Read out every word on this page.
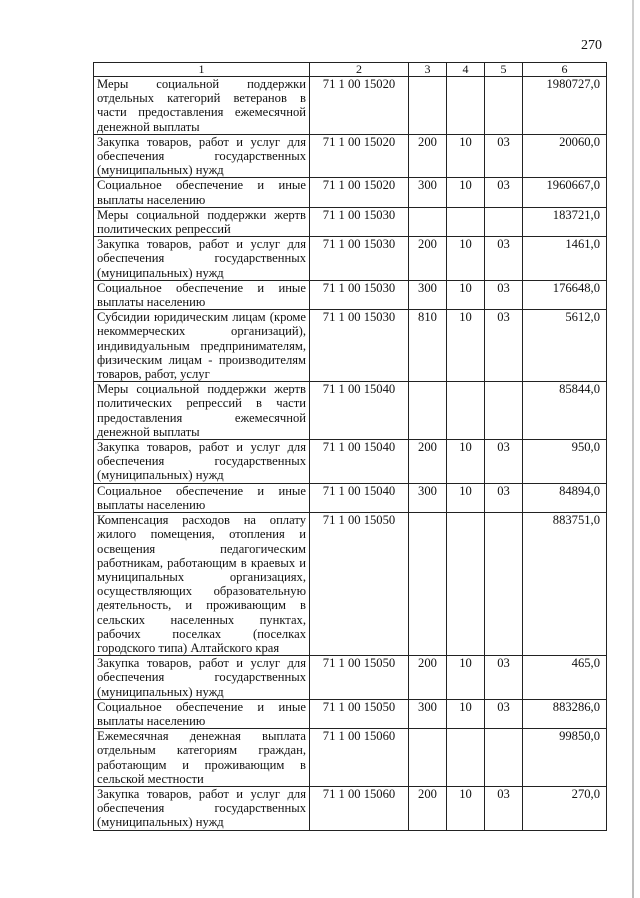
270
1	2	3	4	5	6
Меры социальной поддержки отдельных категорий ветеранов в части предоставления ежемесячной денежной выплаты	71 1 00 15020				1980727,0
Закупка товаров, работ и услуг для обеспечения государственных (муниципальных) нужд	71 1 00 15020	200	10	03	20060,0
Социальное обеспечение и иные выплаты населению	71 1 00 15020	300	10	03	1960667,0
Меры социальной поддержки жертв политических репрессий	71 1 00 15030				183721,0
Закупка товаров, работ и услуг для обеспечения государственных (муниципальных) нужд	71 1 00 15030	200	10	03	1461,0
Социальное обеспечение и иные выплаты населению	71 1 00 15030	300	10	03	176648,0
Субсидии юридическим лицам (кроме некоммерческих организаций), индивидуальным предпринимателям, физическим лицам - производителям товаров, работ, услуг	71 1 00 15030	810	10	03	5612,0
Меры социальной поддержки жертв политических репрессий в части предоставления ежемесячной денежной выплаты	71 1 00 15040				85844,0
Закупка товаров, работ и услуг для обеспечения государственных (муниципальных) нужд	71 1 00 15040	200	10	03	950,0
Социальное обеспечение и иные выплаты населению	71 1 00 15040	300	10	03	84894,0
Компенсация расходов на оплату жилого помещения, отопления и освещения педагогическим работникам, работающим в краевых и муниципальных организациях, осуществляющих образовательную деятельность, и проживающим в сельских населенных пунктах, рабочих поселках (поселках городского типа) Алтайского края	71 1 00 15050				883751,0
Закупка товаров, работ и услуг для обеспечения государственных (муниципальных) нужд	71 1 00 15050	200	10	03	465,0
Социальное обеспечение и иные выплаты населению	71 1 00 15050	300	10	03	883286,0
Ежемесячная денежная выплата отдельным категориям граждан, работающим и проживающим в сельской местности	71 1 00 15060				99850,0
Закупка товаров, работ и услуг для обеспечения государственных (муниципальных) нужд	71 1 00 15060	200	10	03	270,0
